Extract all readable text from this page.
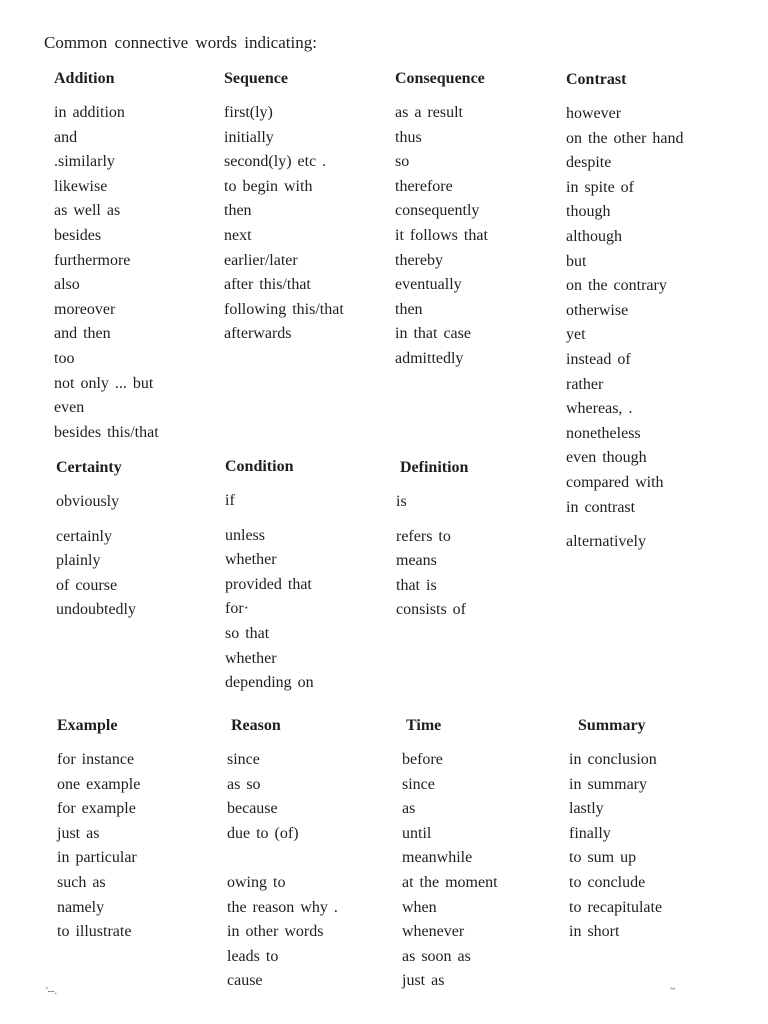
Common connective words indicating:
Addition
in addition
and
.similarly
likewise
as well as
besides
furthermore
also
moreover
and then
too
not only ... but
even
besides this/that
Sequence
first(ly)
initially
second(ly) etc .
to begin with
then
next
earlier/later
after this/that
following this/that
afterwards
Consequence
as a result
thus
so
therefore
consequently
it follows that
thereby
eventually
then
in that case
admittedly
Contrast
however
on the other hand
despite
in spite of
though
although
but
on the contrary
otherwise
yet
instead of
rather
whereas, .
nonetheless
even though
compared with
in contrast
alternatively
Certainty
obviously
certainly
plainly
of course
undoubtedly
Condition
if
unless
whether
provided that
for·
so that
whether
depending on
Definition
is
refers to
means
that is
consists of
Example
for instance
one example
for example
just as
in particular
such as
namely
to illustrate
Reason
since
as so
because
due to (of)
owing to
the reason why .
in other words
leads to
cause
Time
before
since
as
until
meanwhile
at the moment
when
whenever
as soon as
just as
Summary
in conclusion
in summary
lastly
finally
to sum up
to conclude
to recapitulate
in short
'--.	~
